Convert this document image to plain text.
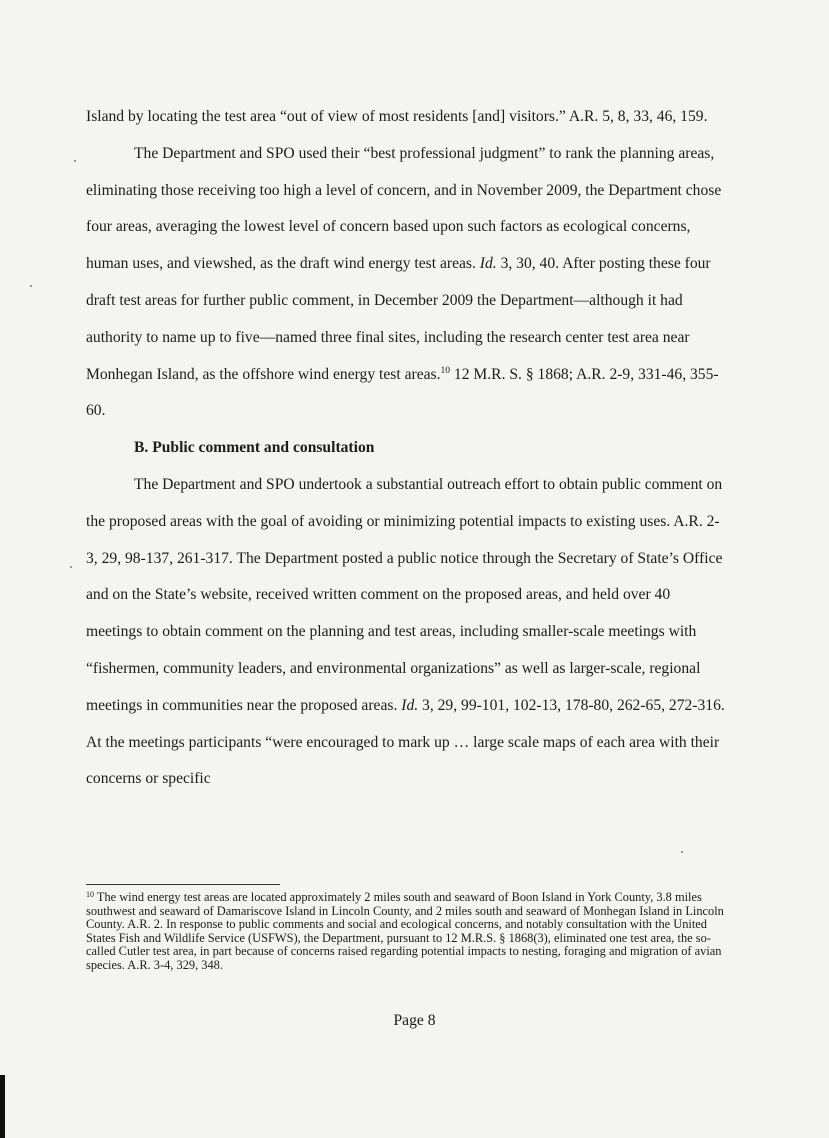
Island by locating the test area “out of view of most residents [and] visitors.” A.R. 5, 8, 33, 46, 159.

The Department and SPO used their “best professional judgment” to rank the planning areas, eliminating those receiving too high a level of concern, and in November 2009, the Department chose four areas, averaging the lowest level of concern based upon such factors as ecological concerns, human uses, and viewshed, as the draft wind energy test areas. Id. 3, 30, 40. After posting these four draft test areas for further public comment, in December 2009 the Department—although it had authority to name up to five—named three final sites, including the research center test area near Monhegan Island, as the offshore wind energy test areas.$^{10}$ 12 M.R. S. § 1868; A.R. 2-9, 331-46, 355-60.

B. Public comment and consultation

The Department and SPO undertook a substantial outreach effort to obtain public comment on the proposed areas with the goal of avoiding or minimizing potential impacts to existing uses. A.R. 2-3, 29, 98-137, 261-317. The Department posted a public notice through the Secretary of State’s Office and on the State’s website, received written comment on the proposed areas, and held over 40 meetings to obtain comment on the planning and test areas, including smaller-scale meetings with “fishermen, community leaders, and environmental organizations” as well as larger-scale, regional meetings in communities near the proposed areas. Id. 3, 29, 99-101, 102-13, 178-80, 262-65, 272-316. At the meetings participants “were encouraged to mark up … large scale maps of each area with their concerns or specific

$^{10}$ The wind energy test areas are located approximately 2 miles south and seaward of Boon Island in York County, 3.8 miles southwest and seaward of Damariscove Island in Lincoln County, and 2 miles south and seaward of Monhegan Island in Lincoln County. A.R. 2. In response to public comments and social and ecological concerns, and notably consultation with the United States Fish and Wildlife Service (USFWS), the Department, pursuant to 12 M.R.S. § 1868(3), eliminated one test area, the so-called Cutler test area, in part because of concerns raised regarding potential impacts to nesting, foraging and migration of avian species. A.R. 3-4, 329, 348.

Page 8
